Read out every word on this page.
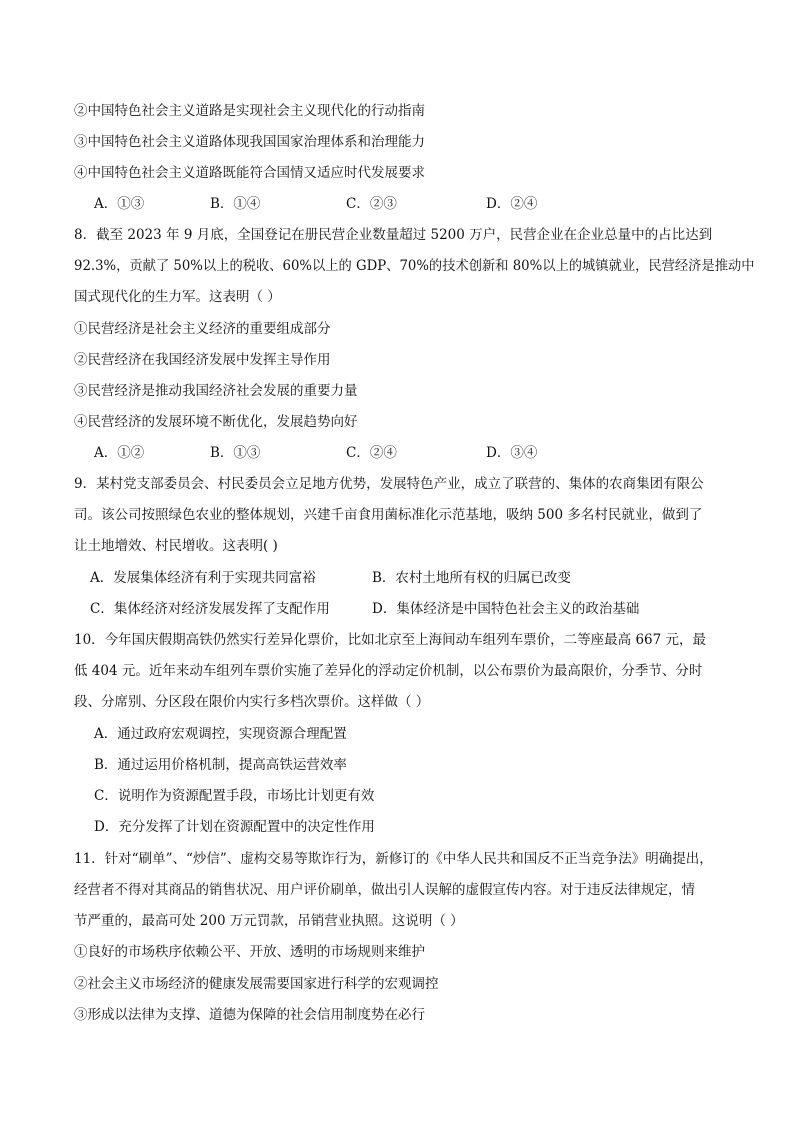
②中国特色社会主义道路是实现社会主义现代化的行动指南
③中国特色社会主义道路体现我国国家治理体系和治理能力
④中国特色社会主义道路既能符合国情又适应时代发展要求
A．①③	B．①④	C．②③	D．②④
8．截至 2023 年 9 月底，全国登记在册民营企业数量超过 5200 万户，民营企业在企业总量中的占比达到
92.3%，贡献了 50%以上的税收、60%以上的 GDP、70%的技术创新和 80%以上的城镇就业，民营经济是推动中
国式现代化的生力军。这表明（ ）
①民营经济是社会主义经济的重要组成部分
②民营经济在我国经济发展中发挥主导作用
③民营经济是推动我国经济社会发展的重要力量
④民营经济的发展环境不断优化，发展趋势向好
A．①②	B．①③	C．②④	D．③④
9．某村党支部委员会、村民委员会立足地方优势，发展特色产业，成立了联营的、集体的农商集团有限公
司。该公司按照绿色农业的整体规划，兴建千亩食用菌标准化示范基地，吸纳 500 多名村民就业，做到了
让土地增效、村民增收。这表明( )
A．发展集体经济有利于实现共同富裕	B．农村土地所有权的归属已改变
C．集体经济对经济发展发挥了支配作用	D．集体经济是中国特色社会主义的政治基础
10．今年国庆假期高铁仍然实行差异化票价，比如北京至上海间动车组列车票价，二等座最高 667 元，最
低 404 元。近年来动车组列车票价实施了差异化的浮动定价机制，以公布票价为最高限价，分季节、分时
段、分席别、分区段在限价内实行多档次票价。这样做（ ）
A．通过政府宏观调控，实现资源合理配置
B．通过运用价格机制，提高高铁运营效率
C．说明作为资源配置手段，市场比计划更有效
D．充分发挥了计划在资源配置中的决定性作用
11．针对“刷单”、“炒信”、虚构交易等欺诈行为，新修订的《中华人民共和国反不正当竞争法》明确提出，
经营者不得对其商品的销售状况、用户评价刷单，做出引人误解的虚假宣传内容。对于违反法律规定，情
节严重的，最高可处 200 万元罚款，吊销营业执照。这说明（ ）
①良好的市场秩序依赖公平、开放、透明的市场规则来维护
②社会主义市场经济的健康发展需要国家进行科学的宏观调控
③形成以法律为支撑、道德为保障的社会信用制度势在必行
